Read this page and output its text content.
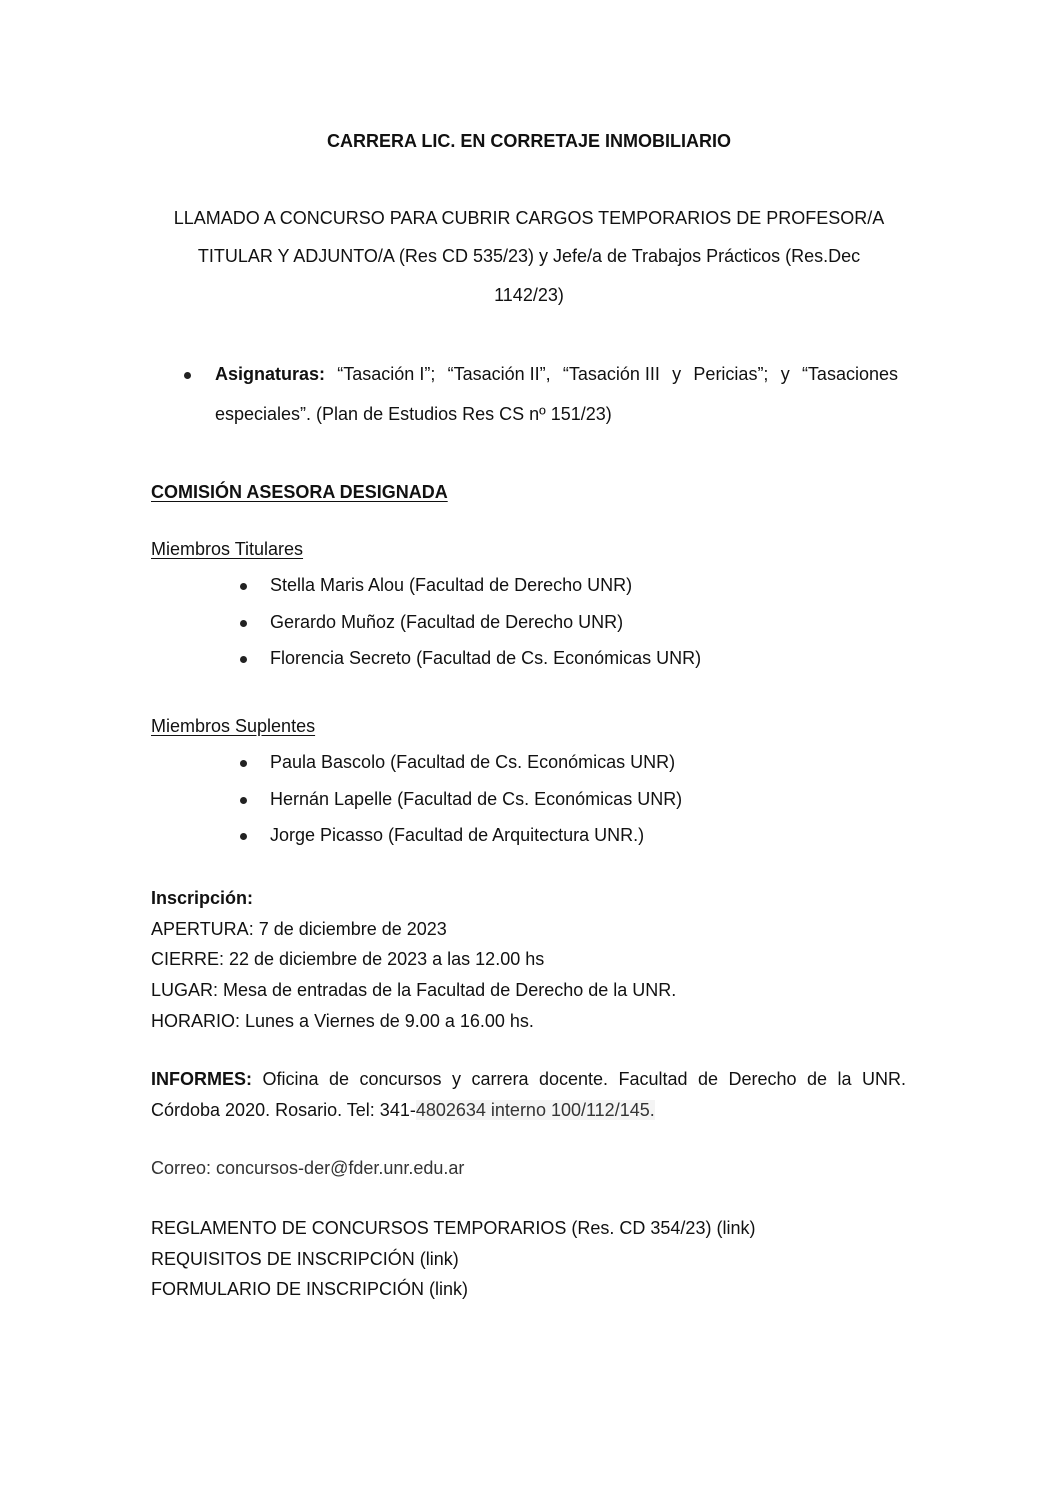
CARRERA LIC. EN CORRETAJE INMOBILIARIO
LLAMADO A CONCURSO PARA CUBRIR CARGOS TEMPORARIOS DE PROFESOR/A
TITULAR Y ADJUNTO/A (Res CD 535/23) y Jefe/a de Trabajos Prácticos (Res.Dec
1142/23)
Asignaturas: “Tasación I”; “Tasación II”, “Tasación III y Pericias”; y “Tasaciones
especiales”. (Plan de Estudios Res CS nº 151/23)
COMISIÓN ASESORA DESIGNADA
Miembros Titulares
Stella Maris Alou (Facultad de Derecho UNR)
Gerardo Muñoz (Facultad de Derecho UNR)
Florencia Secreto (Facultad de Cs. Económicas UNR)
Miembros Suplentes
Paula Bascolo (Facultad de Cs. Económicas UNR)
Hernán Lapelle (Facultad de Cs. Económicas UNR)
Jorge Picasso (Facultad de Arquitectura UNR.)
Inscripción:
APERTURA: 7 de diciembre de 2023
CIERRE: 22 de diciembre de 2023 a las 12.00 hs
LUGAR: Mesa de entradas de la Facultad de Derecho de la UNR.
HORARIO: Lunes a Viernes de 9.00 a 16.00 hs.
INFORMES: Oficina de concursos y carrera docente. Facultad de Derecho de la UNR.
Córdoba 2020. Rosario. Tel: 341-4802634 interno 100/112/145.
Correo: concursos-der@fder.unr.edu.ar
REGLAMENTO DE CONCURSOS TEMPORARIOS (Res. CD 354/23) (link)
REQUISITOS DE INSCRIPCIÓN (link)
FORMULARIO DE INSCRIPCIÓN (link)
